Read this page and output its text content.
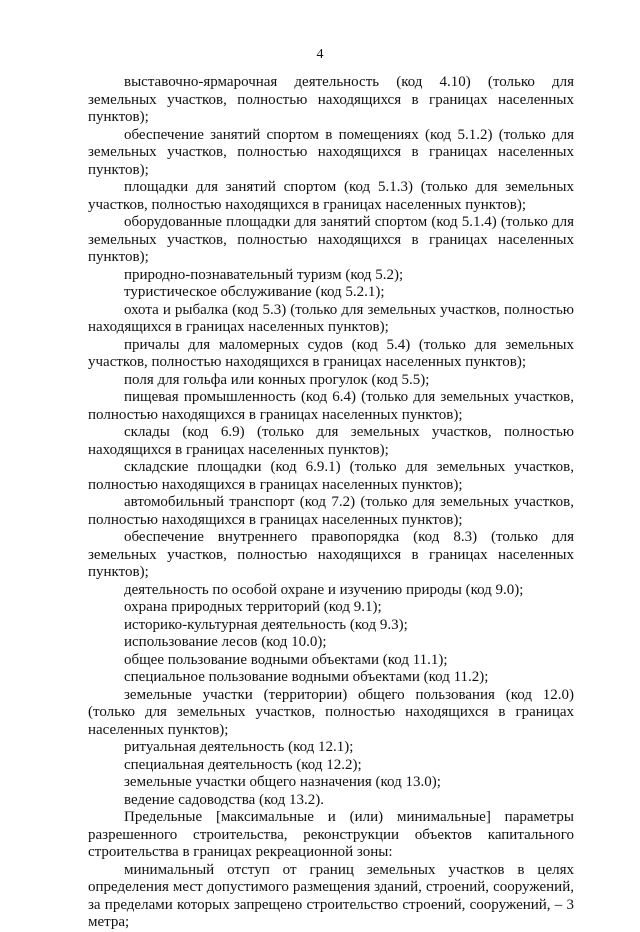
4

выставочно-ярмарочная деятельность (код 4.10) (только для земельных участков, полностью находящихся в границах населенных пунктов);

обеспечение занятий спортом в помещениях (код 5.1.2) (только для земельных участков, полностью находящихся в границах населенных пунктов);

площадки для занятий спортом (код 5.1.3) (только для земельных участков, полностью находящихся в границах населенных пунктов);

оборудованные площадки для занятий спортом (код 5.1.4) (только для земельных участков, полностью находящихся в границах населенных пунктов);

природно-познавательный туризм (код 5.2);

туристическое обслуживание (код 5.2.1);

охота и рыбалка (код 5.3) (только для земельных участков, полностью находящихся в границах населенных пунктов);

причалы для маломерных судов (код 5.4) (только для земельных участков, полностью находящихся в границах населенных пунктов);

поля для гольфа или конных прогулок (код 5.5);

пищевая промышленность (код 6.4) (только для земельных участков, полностью находящихся в границах населенных пунктов);

склады (код 6.9) (только для земельных участков, полностью находящихся в границах населенных пунктов);

складские площадки (код 6.9.1) (только для земельных участков, полностью находящихся в границах населенных пунктов);

автомобильный транспорт (код 7.2) (только для земельных участков, полностью находящихся в границах населенных пунктов);

обеспечение внутреннего правопорядка (код 8.3) (только для земельных участков, полностью находящихся в границах населенных пунктов);

деятельность по особой охране и изучению природы (код 9.0);

охрана природных территорий (код 9.1);

историко-культурная деятельность (код 9.3);

использование лесов (код 10.0);

общее пользование водными объектами (код 11.1);

специальное пользование водными объектами (код 11.2);

земельные участки (территории) общего пользования (код 12.0) (только для земельных участков, полностью находящихся в границах населенных пунктов);

ритуальная деятельность (код 12.1);

специальная деятельность (код 12.2);

земельные участки общего назначения (код 13.0);

ведение садоводства (код 13.2).

Предельные [максимальные и (или) минимальные] параметры разрешенного строительства, реконструкции объектов капитального строительства в границах рекреационной зоны:

минимальный отступ от границ земельных участков в целях определения мест допустимого размещения зданий, строений, сооружений, за пределами которых запрещено строительство строений, сооружений, – 3 метра;
